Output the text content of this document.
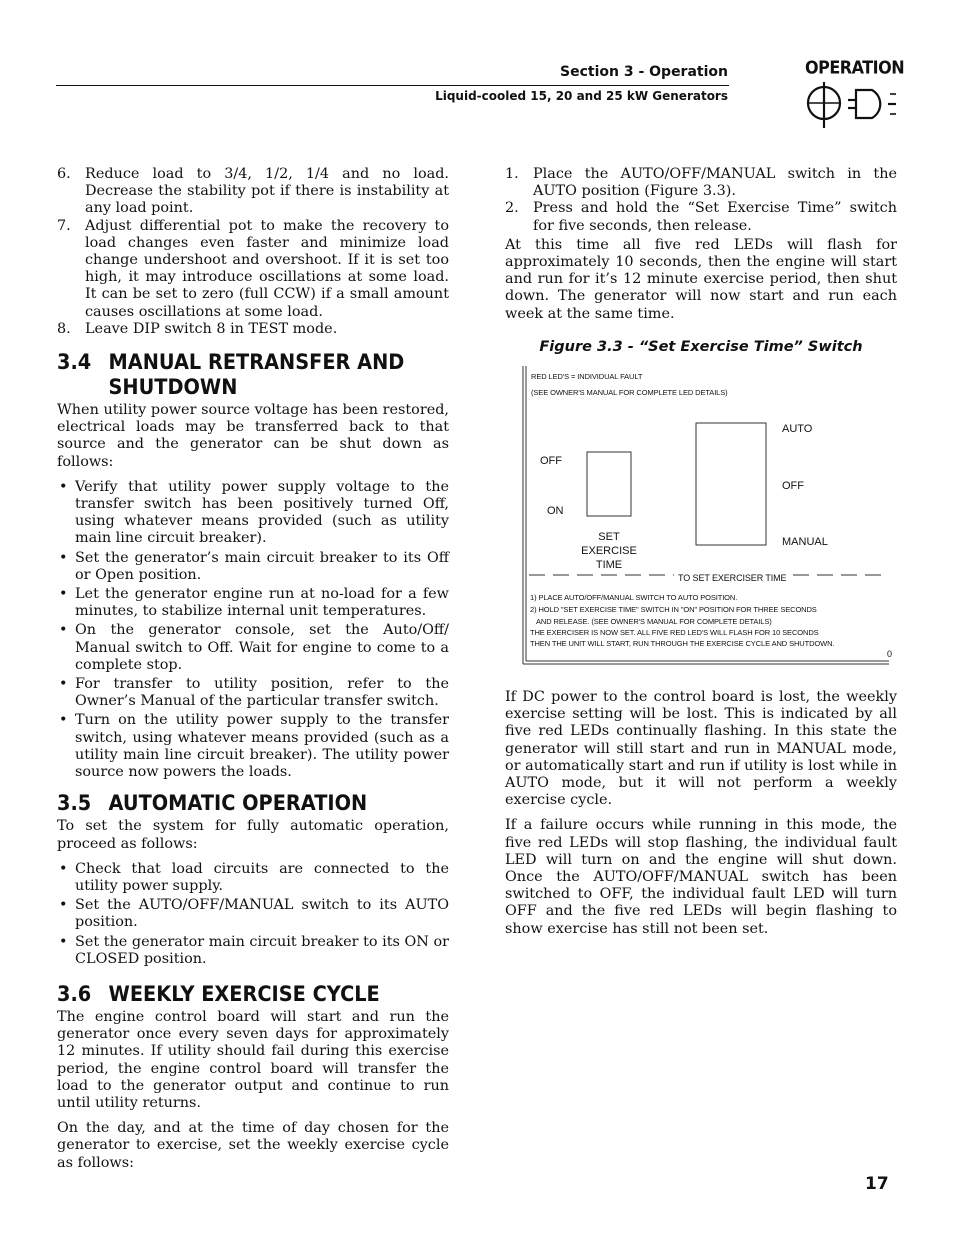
Section 3 - Operation
Liquid-cooled 15, 20 and 25 kW Generators
OPERATION
6. Reduce load to 3/4, 1/2, 1/4 and no load. Decrease the stability pot if there is instability at any load point.
7. Adjust differential pot to make the recovery to load changes even faster and minimize load change undershoot and overshoot. If it is set too high, it may introduce oscillations at some load. It can be set to zero (full CCW) if a small amount causes oscillations at some load.
8. Leave DIP switch 8 in TEST mode.
3.4 MANUAL RETRANSFER AND SHUTDOWN

When utility power source voltage has been restored, electrical loads may be transferred back to that source and the generator can be shut down as follows:

• Verify that utility power supply voltage to the transfer switch has been positively turned Off, using whatever means provided (such as utility main line circuit breaker).
• Set the generator’s main circuit breaker to its Off or Open position.
• Let the generator engine run at no-load for a few minutes, to stabilize internal unit temperatures.
• On the generator console, set the Auto/Off/ Manual switch to Off. Wait for engine to come to a complete stop.
• For transfer to utility position, refer to the Owner’s Manual of the particular transfer switch.
• Turn on the utility power supply to the transfer switch, using whatever means provided (such as a utility main line circuit breaker). The utility power source now powers the loads.
3.5 AUTOMATIC OPERATION

To set the system for fully automatic operation, proceed as follows:

• Check that load circuits are connected to the utility power supply.
• Set the AUTO/OFF/MANUAL switch to its AUTO position.
• Set the generator main circuit breaker to its ON or CLOSED position.
3.6 WEEKLY EXERCISE CYCLE

The engine control board will start and run the generator once every seven days for approximately 12 minutes. If utility should fail during this exercise period, the engine control board will transfer the load to the generator output and continue to run until utility returns.

On the day, and at the time of day chosen for the generator to exercise, set the weekly exercise cycle as follows:

1. Place the AUTO/OFF/MANUAL switch in the AUTO position (Figure 3.3).
2. Press and hold the “Set Exercise Time” switch for five seconds, then release.

At this time all five red LEDs will flash for approximately 10 seconds, then the engine will start and run for it’s 12 minute exercise period, then shut down. The generator will now start and run each week at the same time.

Figure 3.3 - “Set Exercise Time” Switch
RED LED'S = INDIVIDUAL FAULT
(SEE OWNER'S MANUAL FOR COMPLETE LED DETAILS)
OFF
ON
SET
EXERCISE
TIME
AUTO
OFF
MANUAL
TO SET EXERCISER TIME
1) PLACE AUTO/OFF/MANUAL SWITCH TO AUTO POSITION.
2) HOLD "SET EXERCISE TIME" SWITCH IN "ON" POSITION FOR THREE SECONDS
AND RELEASE. (SEE OWNER'S MANUAL FOR COMPLETE DETAILS)
THE EXERCISER IS NOW SET. ALL FIVE RED LED'S WILL FLASH FOR 10 SECONDS
THEN THE UNIT WILL START, RUN THROUGH THE EXERCISE CYCLE AND SHUTDOWN.
0

If DC power to the control board is lost, the weekly exercise setting will be lost. This is indicated by all five red LEDs continually flashing. In this state the generator will still start and run in MANUAL mode, or automatically start and run if utility is lost while in AUTO mode, but it will not perform a weekly exercise cycle.

If a failure occurs while running in this mode, the five red LEDs will stop flashing, the individual fault LED will turn on and the engine will shut down. Once the AUTO/OFF/MANUAL switch has been switched to OFF, the individual fault LED will turn OFF and the five red LEDs will begin flashing to show exercise has still not been set.

17
